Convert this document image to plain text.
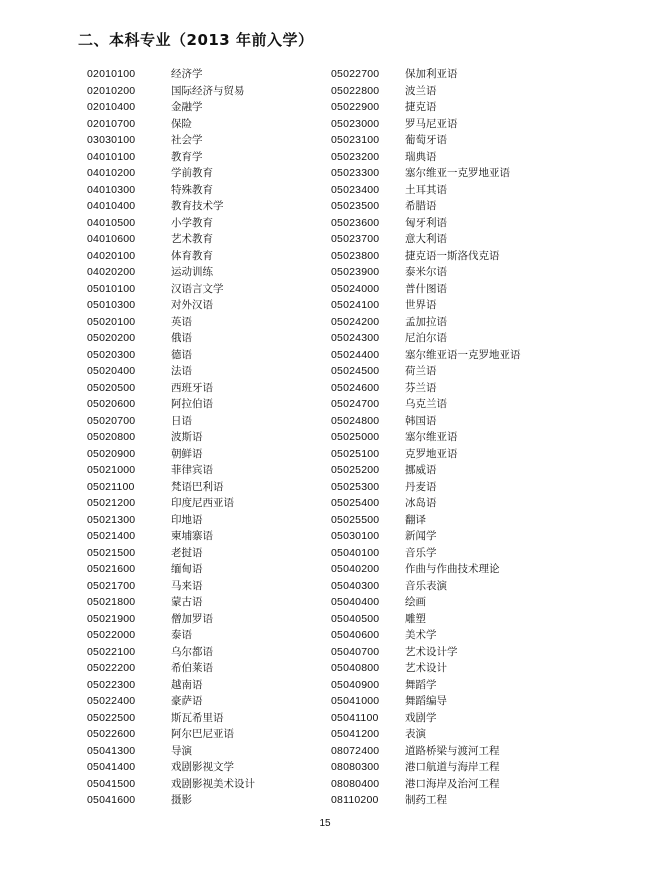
二、本科专业（2013 年前入学）
02010100	经济学
02010200	国际经济与贸易
02010400	金融学
02010700	保险
03030100	社会学
04010100	教育学
04010200	学前教育
04010300	特殊教育
04010400	教育技术学
04010500	小学教育
04010600	艺术教育
04020100	体育教育
04020200	运动训练
05010100	汉语言文学
05010300	对外汉语
05020100	英语
05020200	俄语
05020300	德语
05020400	法语
05020500	西班牙语
05020600	阿拉伯语
05020700	日语
05020800	波斯语
05020900	朝鲜语
05021000	菲律宾语
05021100	梵语巴利语
05021200	印度尼西亚语
05021300	印地语
05021400	柬埔寨语
05021500	老挝语
05021600	缅甸语
05021700	马来语
05021800	蒙古语
05021900	僧加罗语
05022000	泰语
05022100	乌尔都语
05022200	希伯莱语
05022300	越南语
05022400	豪萨语
05022500	斯瓦希里语
05022600	阿尔巴尼亚语
05041300	导演
05041400	戏剧影视文学
05041500	戏剧影视美术设计
05041600	摄影
05022700 保加利亚语
05022800 波兰语
05022900 捷克语
05023000 罗马尼亚语
05023100 葡萄牙语
05023200 瑞典语
05023300 塞尔维亚一克罗地亚语
05023400 土耳其语
05023500 希腊语
05023600 匈牙利语
05023700 意大利语
05023800 捷克语一斯洛伐克语
05023900 泰米尔语
05024000 普什图语
05024100 世界语
05024200 孟加拉语
05024300 尼泊尔语
05024400 塞尔维亚语一克罗地亚语
05024500 荷兰语
05024600 芬兰语
05024700 乌克兰语
05024800 韩国语
05025000 塞尔维亚语
05025100 克罗地亚语
05025200 挪威语
05025300 丹麦语
05025400 冰岛语
05025500 翻译
05030100 新闻学
05040100 音乐学
05040200 作曲与作曲技术理论
05040300 音乐表演
05040400 绘画
05040500 雕塑
05040600 美术学
05040700 艺术设计学
05040800 艺术设计
05040900 舞蹈学
05041000 舞蹈编导
05041100	戏剧学
05041200 表演
08072400 道路桥梁与渡河工程
08080300 港口航道与海岸工程
08080400 港口海岸及治河工程
08110200	制药工程
15
